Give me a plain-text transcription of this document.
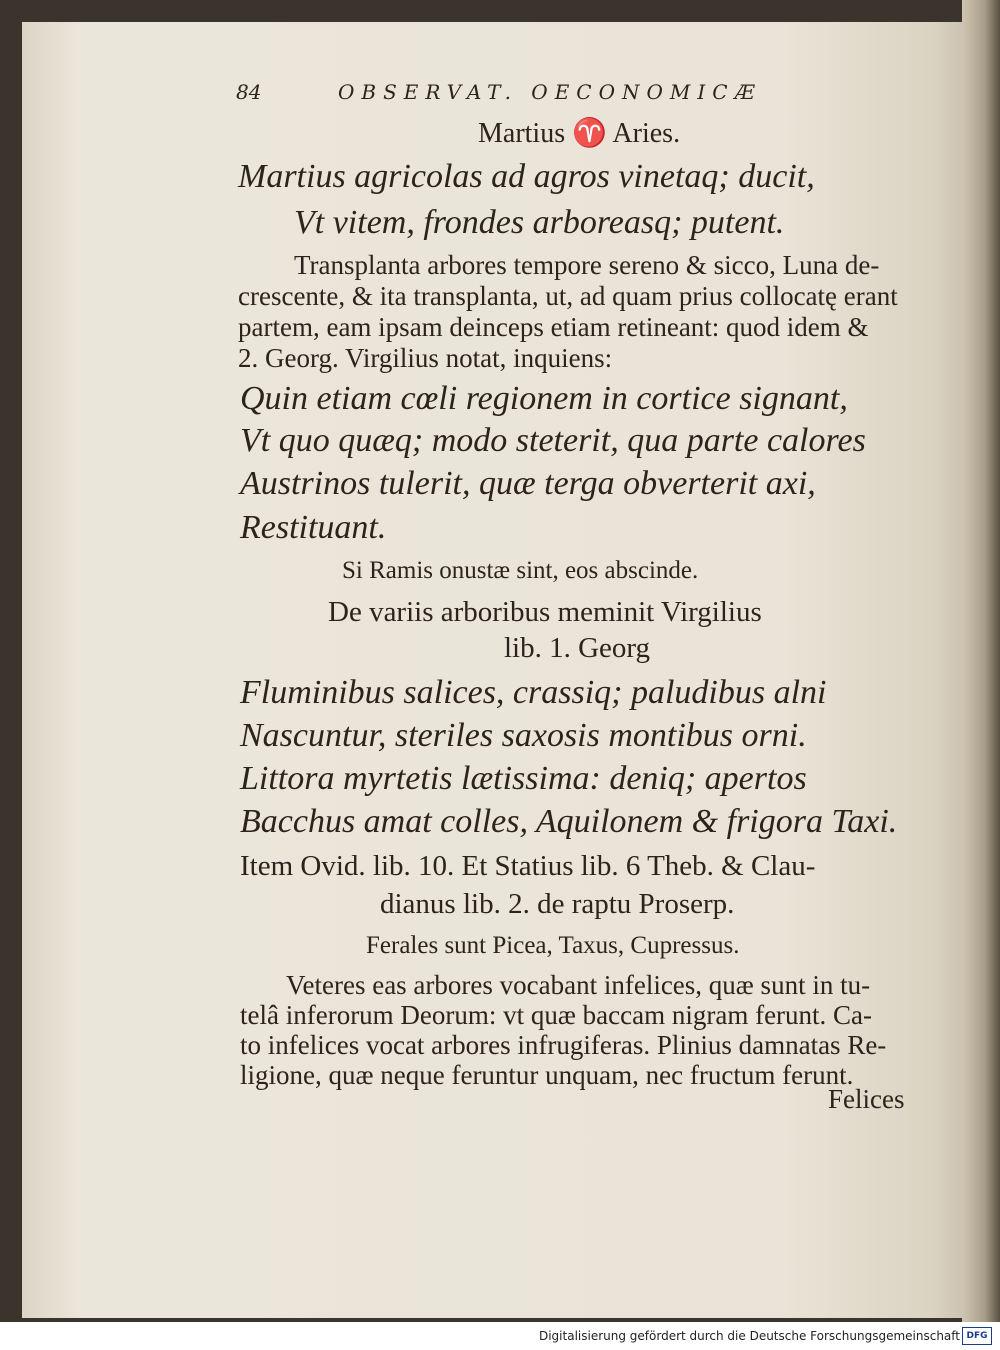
84	OBSERVAT. OECONOMICÆ
Martius ♈ Aries.
Martius agricolas ad agros vinetaq; ducit,
Vt vitem, frondes arboreasq; putent.
Transplanta arbores tempore sereno & sicco, Luna de-
crescente, & ita transplanta, ut, ad quam prius collocatę erant
partem, eam ipsam deinceps etiam retineant: quod idem &
2. Georg. Virgilius notat, inquiens:
Quin etiam cœli regionem in cortice signant,
Vt quo quæq; modo steterit, qua parte calores
Austrinos tulerit, quæ terga obverterit axi,
Restituant.
Si Ramis onustæ sint, eos abscinde.
De variis arboribus meminit Virgilius
lib. 1. Georg
Fluminibus salices, crassiq; paludibus alni
Nascuntur, steriles saxosis montibus orni.
Littora myrtetis lætissima: deniq; apertos
Bacchus amat colles, Aquilonem & frigora Taxi.
Item Ovid. lib. 10. Et Statius lib. 6 Theb. & Clau-
dianus lib. 2. de raptu Proserp.
Ferales sunt Picea, Taxus, Cupressus.
Veteres eas arbores vocabant infelices, quæ sunt in tu-
telâ inferorum Deorum: vt quæ baccam nigram ferunt. Ca-
to infelices vocat arbores infrugiferas. Plinius damnatas Re-
ligione, quæ neque feruntur unquam, nec fructum ferunt.
Felices
Digitalisierung gefördert durch die Deutsche Forschungsgemeinschaft DFG
